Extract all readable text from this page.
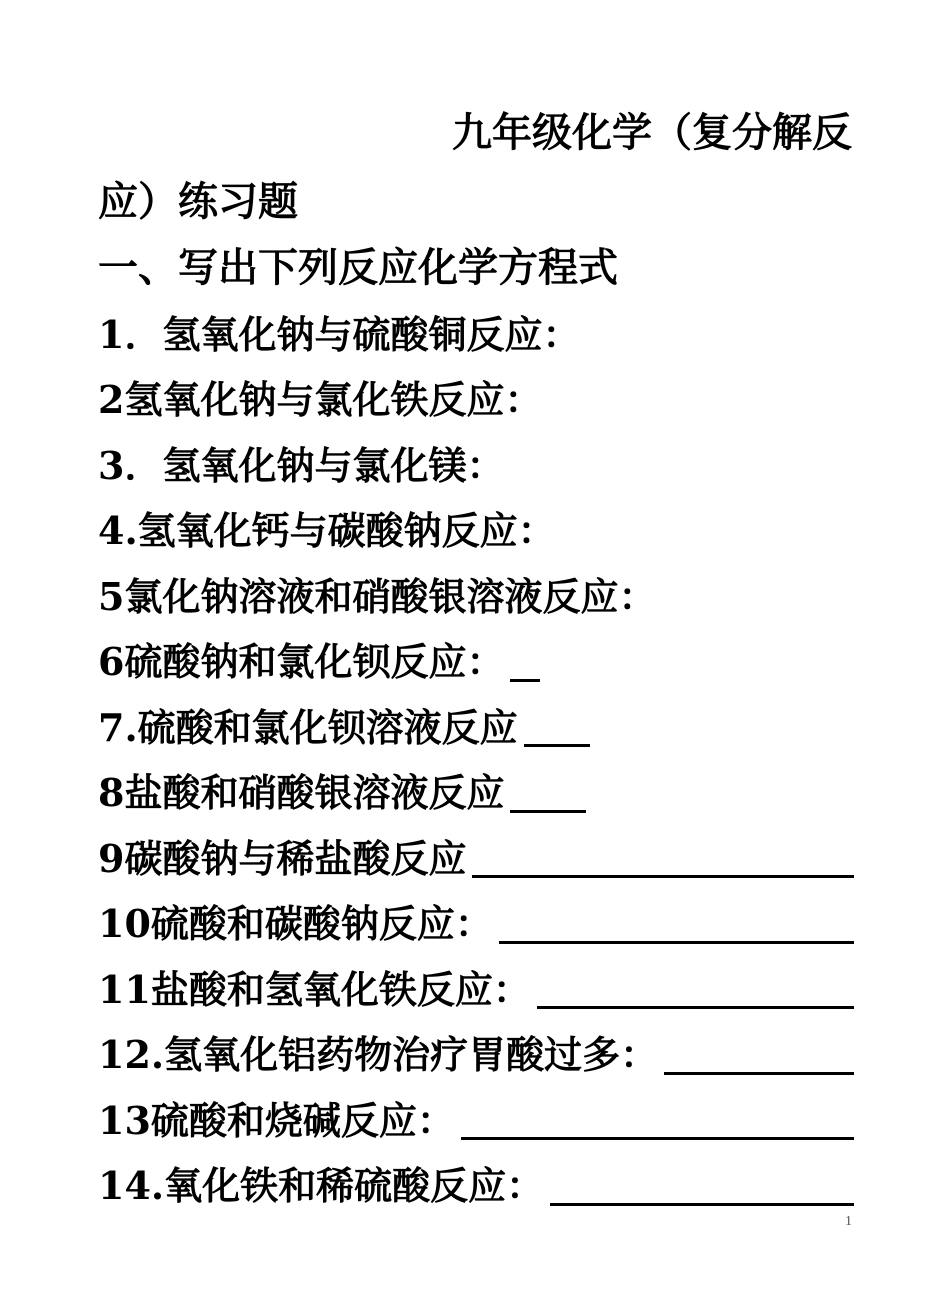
九年级化学（复分解反
应）练习题
一、写出下列反应化学方程式
1． 氢氧化钠与硫酸铜反应：
2 氢氧化钠与氯化铁反应：
3． 氢氧化钠与氯化镁：
4. 氢氧化钙与碳酸钠反应：
5 氯化钠溶液和硝酸银溶液反应：
6 硫酸钠和氯化钡反应：
7. 硫酸和氯化钡溶液反应
8 盐酸和硝酸银溶液反应
9 碳酸钠与稀盐酸反应
10 硫酸和碳酸钠反应：
11 盐酸和氢氧化铁反应：
12. 氢氧化铝药物治疗胃酸过多：
13 硫酸和烧碱反应：
14. 氧化铁和稀硫酸反应：
1
